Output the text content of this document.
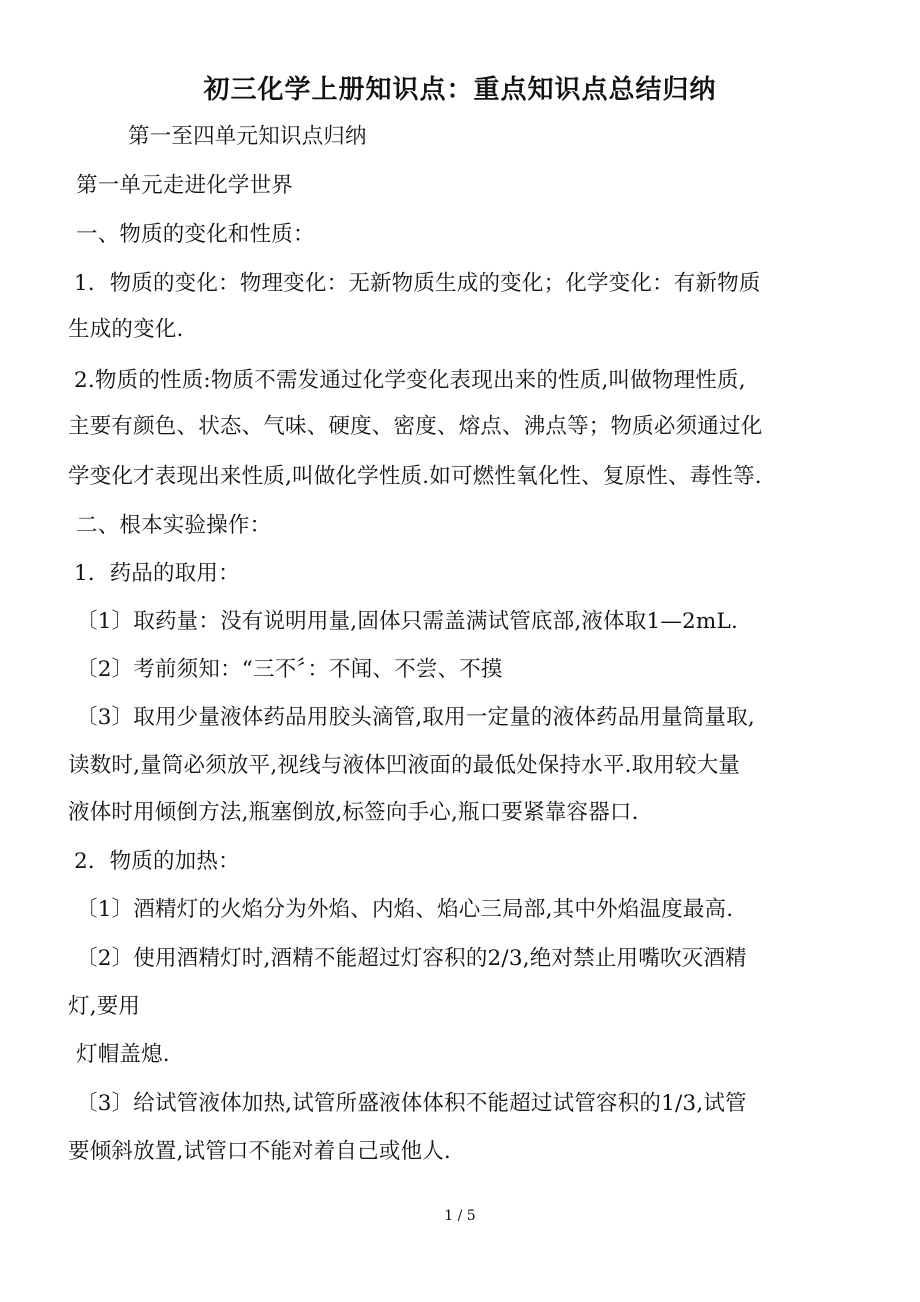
初三化学上册知识点：重点知识点总结归纳
第一至四单元知识点归纳
第一单元走进化学世界
一、物质的变化和性质：
1．物质的变化：物理变化：无新物质生成的变化；化学变化：有新物质
生成的变化.
2.物质的性质:物质不需发通过化学变化表现出来的性质,叫做物理性质,
主要有颜色、状态、气味、硬度、密度、熔点、沸点等；物质必须通过化
学变化才表现出来性质,叫做化学性质.如可燃性氧化性、复原性、毒性等.
二、根本实验操作：
1．药品的取用：
〔1〕取药量：没有说明用量,固体只需盖满试管底部,液体取1—2mL.
〔2〕考前须知：“三不〞：不闻、不尝、不摸
〔3〕取用少量液体药品用胶头滴管,取用一定量的液体药品用量筒量取,
读数时,量筒必须放平,视线与液体凹液面的最低处保持水平.取用较大量
液体时用倾倒方法,瓶塞倒放,标签向手心,瓶口要紧靠容器口.
2．物质的加热：
〔1〕酒精灯的火焰分为外焰、内焰、焰心三局部,其中外焰温度最高.
〔2〕使用酒精灯时,酒精不能超过灯容积的2/3,绝对禁止用嘴吹灭酒精
灯,要用
灯帽盖熄.
〔3〕给试管液体加热,试管所盛液体体积不能超过试管容积的1/3,试管
要倾斜放置,试管口不能对着自己或他人.
1 / 5
